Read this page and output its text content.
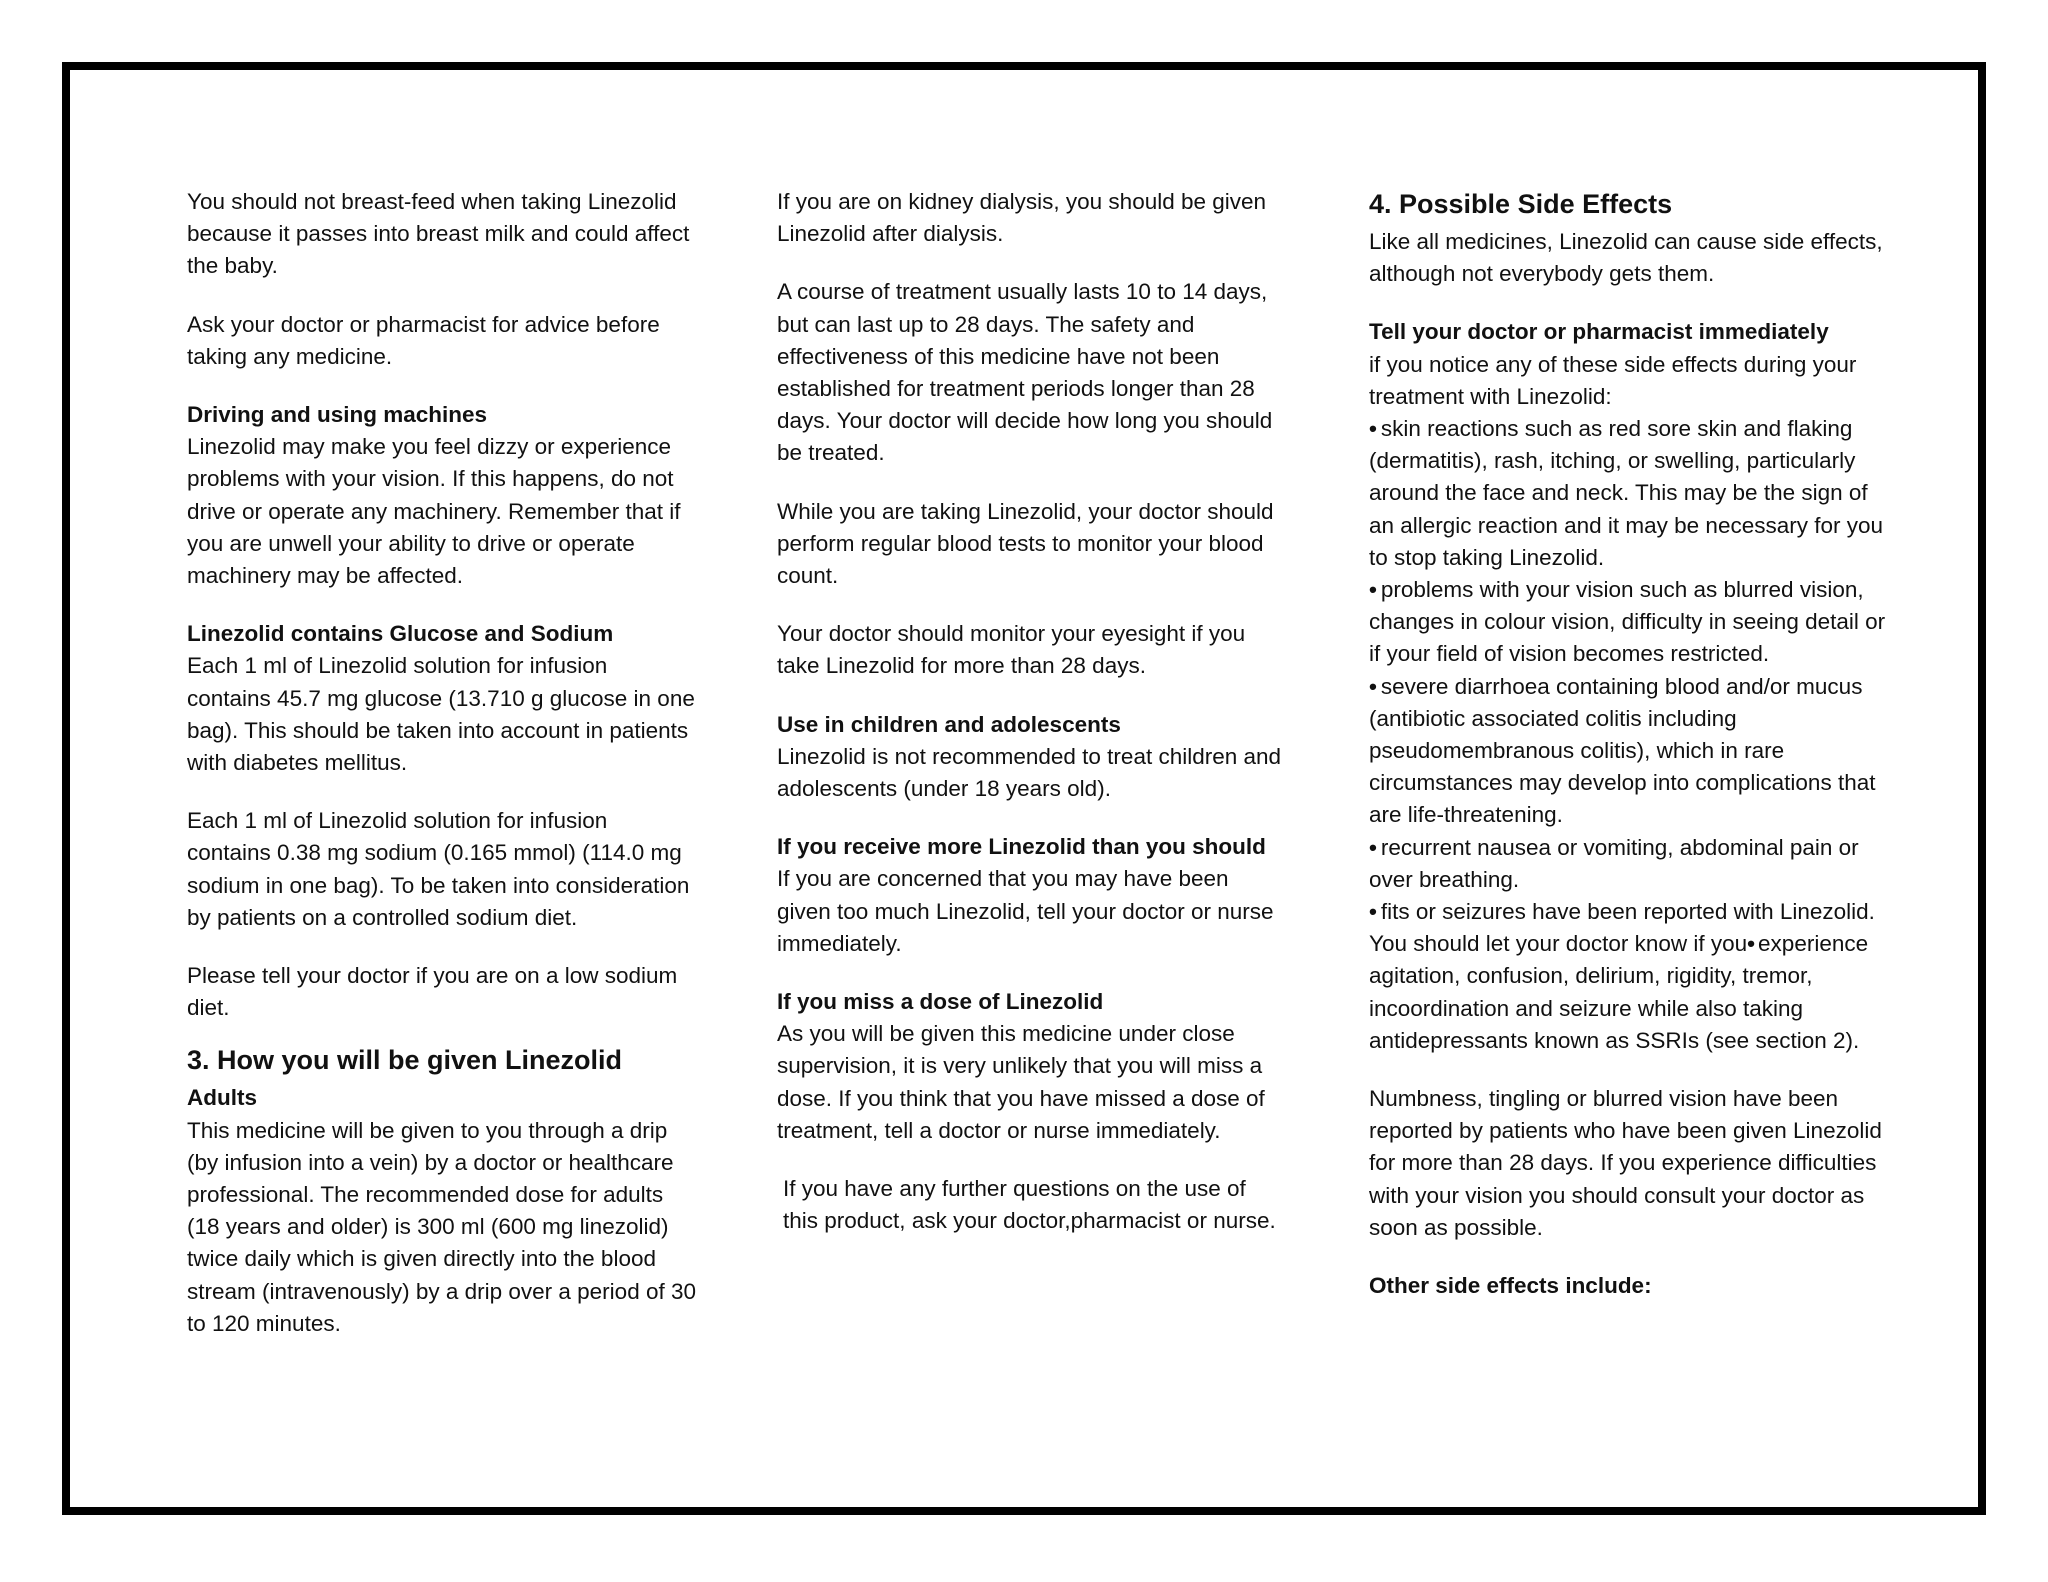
You should not breast-feed when taking Linezolid because it passes into breast milk and could affect the baby.

Ask your doctor or pharmacist for advice before taking any medicine.

Driving and using machines
Linezolid may make you feel dizzy or experience problems with your vision. If this happens, do not drive or operate any machinery. Remember that if you are unwell your ability to drive or operate machinery may be affected.
Linezolid contains Glucose and Sodium
Each 1 ml of Linezolid solution for infusion contains 45.7 mg glucose (13.710 g glucose in one bag). This should be taken into account in patients with diabetes mellitus.

Each 1 ml of Linezolid solution for infusion contains 0.38 mg sodium (0.165 mmol) (114.0 mg sodium in one bag). To be taken into consideration by patients on a controlled sodium diet.

Please tell your doctor if you are on a low sodium diet.

3. How you will be given Linezolid
Adults
This medicine will be given to you through a drip (by infusion into a vein) by a doctor or healthcare professional. The recommended dose for adults (18 years and older) is 300 ml (600 mg linezolid) twice daily which is given directly into the blood stream (intravenously) by a drip over a period of 30 to 120 minutes.

If you are on kidney dialysis, you should be given Linezolid after dialysis.

A course of treatment usually lasts 10 to 14 days, but can last up to 28 days. The safety and effectiveness of this medicine have not been established for treatment periods longer than 28 days. Your doctor will decide how long you should be treated.

While you are taking Linezolid, your doctor should perform regular blood tests to monitor your blood count.

Your doctor should monitor your eyesight if you take Linezolid for more than 28 days.

Use in children and adolescents
Linezolid is not recommended to treat children and adolescents (under 18 years old).
If you receive more Linezolid than you should
If you are concerned that you may have been given too much Linezolid, tell your doctor or nurse immediately.
If you miss a dose of Linezolid
As you will be given this medicine under close supervision, it is very unlikely that you will miss a dose. If you think that you have missed a dose of treatment, tell a doctor or nurse immediately.

If you have any further questions on the use of this product, ask your doctor,pharmacist or nurse.

4. Possible Side Effects
Like all medicines, Linezolid can cause side effects, although not everybody gets them.
Tell your doctor or pharmacist immediately
if you notice any of these side effects during your treatment with Linezolid:
• skin reactions such as red sore skin and flaking (dermatitis), rash, itching, or swelling, particularly around the face and neck. This may be the sign of an allergic reaction and it may be necessary for you to stop taking Linezolid.
• problems with your vision such as blurred vision, changes in colour vision, difficulty in seeing detail or if your field of vision becomes restricted.
• severe diarrhoea containing blood and/or mucus (antibiotic associated colitis including pseudomembranous colitis), which in rare circumstances may develop into complications that are life-threatening.
• recurrent nausea or vomiting, abdominal pain or over breathing.
• fits or seizures have been reported with Linezolid. You should let your doctor know if you• experience agitation, confusion, delirium, rigidity, tremor, incoordination and seizure while also taking antidepressants known as SSRIs (see section 2).

Numbness, tingling or blurred vision have been reported by patients who have been given Linezolid for more than 28 days. If you experience difficulties with your vision you should consult your doctor as soon as possible.

Other side effects include:
